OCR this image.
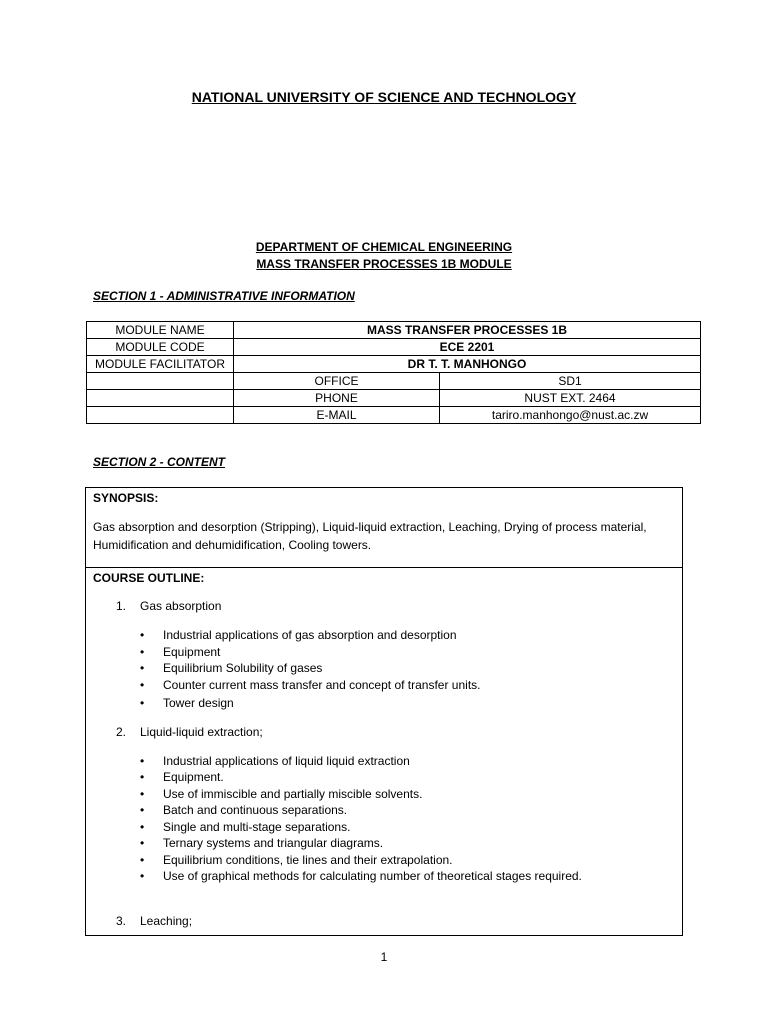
NATIONAL UNIVERSITY OF SCIENCE AND TECHNOLOGY
DEPARTMENT OF CHEMICAL ENGINEERING
MASS TRANSFER PROCESSES 1B MODULE
SECTION 1 - ADMINISTRATIVE INFORMATION
MODULE NAME	MASS TRANSFER PROCESSES 1B	
MODULE CODE	ECE 2201	
MODULE FACILITATOR	DR T. T. MANHONGO	
	OFFICE	SD1
	PHONE	NUST EXT. 2464
	E-MAIL	tariro.manhongo@nust.ac.zw
SECTION 2 - CONTENT
SYNOPSIS:
Gas absorption and desorption (Stripping), Liquid-liquid extraction, Leaching, Drying of process material, Humidification and dehumidification, Cooling towers.
COURSE OUTLINE:
1. Gas absorption
• Industrial applications of gas absorption and desorption
• Equipment
• Equilibrium Solubility of gases
• Counter current mass transfer and concept of transfer units.
• Tower design
2. Liquid-liquid extraction;
• Industrial applications of liquid liquid extraction
• Equipment.
• Use of immiscible and partially miscible solvents.
• Batch and continuous separations.
• Single and multi-stage separations.
• Ternary systems and triangular diagrams.
• Equilibrium conditions, tie lines and their extrapolation.
• Use of graphical methods for calculating number of theoretical stages required.
3. Leaching;
1
